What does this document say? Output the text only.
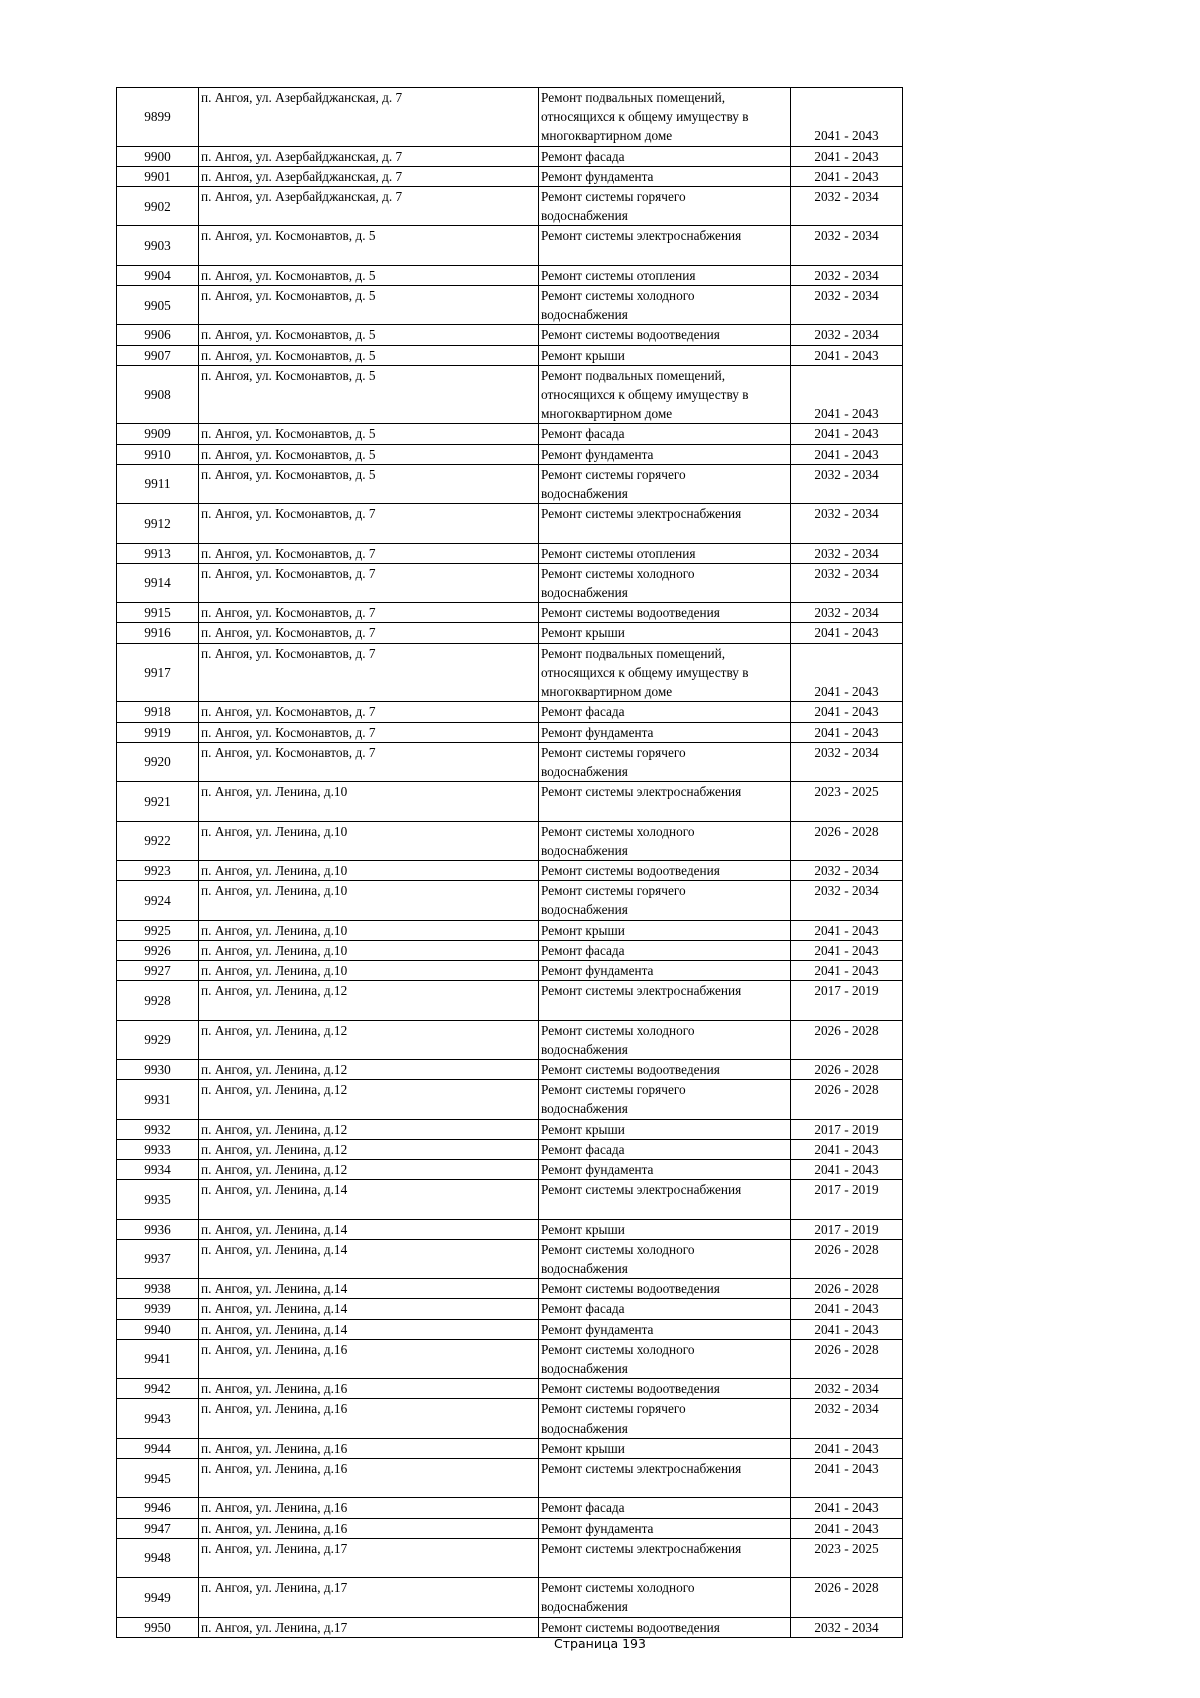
9899	п. Ангоя, ул. Азербайджанская, д. 7	Ремонт подвальных помещений,
относящихся к общему имуществу в
многоквартирном доме	2041 - 2043
9900	п. Ангоя, ул. Азербайджанская, д. 7	Ремонт фасада	2041 - 2043
9901	п. Ангоя, ул. Азербайджанская, д. 7	Ремонт фундамента	2041 - 2043
9902	п. Ангоя, ул. Азербайджанская, д. 7	Ремонт системы горячего
водоснабжения	2032 - 2034
9903	п. Ангоя, ул. Космонавтов, д. 5	Ремонт системы электроснабжения	2032 - 2034
9904	п. Ангоя, ул. Космонавтов, д. 5	Ремонт системы отопления	2032 - 2034
9905	п. Ангоя, ул. Космонавтов, д. 5	Ремонт системы холодного
водоснабжения	2032 - 2034
9906	п. Ангоя, ул. Космонавтов, д. 5	Ремонт системы водоотведения	2032 - 2034
9907	п. Ангоя, ул. Космонавтов, д. 5	Ремонт крыши	2041 - 2043
9908	п. Ангоя, ул. Космонавтов, д. 5	Ремонт подвальных помещений,
относящихся к общему имуществу в
многоквартирном доме	2041 - 2043
9909	п. Ангоя, ул. Космонавтов, д. 5	Ремонт фасада	2041 - 2043
9910	п. Ангоя, ул. Космонавтов, д. 5	Ремонт фундамента	2041 - 2043
9911	п. Ангоя, ул. Космонавтов, д. 5	Ремонт системы горячего
водоснабжения	2032 - 2034
9912	п. Ангоя, ул. Космонавтов, д. 7	Ремонт системы электроснабжения	2032 - 2034
9913	п. Ангоя, ул. Космонавтов, д. 7	Ремонт системы отопления	2032 - 2034
9914	п. Ангоя, ул. Космонавтов, д. 7	Ремонт системы холодного
водоснабжения	2032 - 2034
9915	п. Ангоя, ул. Космонавтов, д. 7	Ремонт системы водоотведения	2032 - 2034
9916	п. Ангоя, ул. Космонавтов, д. 7	Ремонт крыши	2041 - 2043
9917	п. Ангоя, ул. Космонавтов, д. 7	Ремонт подвальных помещений,
относящихся к общему имуществу в
многоквартирном доме	2041 - 2043
9918	п. Ангоя, ул. Космонавтов, д. 7	Ремонт фасада	2041 - 2043
9919	п. Ангоя, ул. Космонавтов, д. 7	Ремонт фундамента	2041 - 2043
9920	п. Ангоя, ул. Космонавтов, д. 7	Ремонт системы горячего
водоснабжения	2032 - 2034
9921	п. Ангоя, ул. Ленина, д.10	Ремонт системы электроснабжения	2023 - 2025
9922	п. Ангоя, ул. Ленина, д.10	Ремонт системы холодного
водоснабжения	2026 - 2028
9923	п. Ангоя, ул. Ленина, д.10	Ремонт системы водоотведения	2032 - 2034
9924	п. Ангоя, ул. Ленина, д.10	Ремонт системы горячего
водоснабжения	2032 - 2034
9925	п. Ангоя, ул. Ленина, д.10	Ремонт крыши	2041 - 2043
9926	п. Ангоя, ул. Ленина, д.10	Ремонт фасада	2041 - 2043
9927	п. Ангоя, ул. Ленина, д.10	Ремонт фундамента	2041 - 2043
9928	п. Ангоя, ул. Ленина, д.12	Ремонт системы электроснабжения	2017 - 2019
9929	п. Ангоя, ул. Ленина, д.12	Ремонт системы холодного
водоснабжения	2026 - 2028
9930	п. Ангоя, ул. Ленина, д.12	Ремонт системы водоотведения	2026 - 2028
9931	п. Ангоя, ул. Ленина, д.12	Ремонт системы горячего
водоснабжения	2026 - 2028
9932	п. Ангоя, ул. Ленина, д.12	Ремонт крыши	2017 - 2019
9933	п. Ангоя, ул. Ленина, д.12	Ремонт фасада	2041 - 2043
9934	п. Ангоя, ул. Ленина, д.12	Ремонт фундамента	2041 - 2043
9935	п. Ангоя, ул. Ленина, д.14	Ремонт системы электроснабжения	2017 - 2019
9936	п. Ангоя, ул. Ленина, д.14	Ремонт крыши	2017 - 2019
9937	п. Ангоя, ул. Ленина, д.14	Ремонт системы холодного
водоснабжения	2026 - 2028
9938	п. Ангоя, ул. Ленина, д.14	Ремонт системы водоотведения	2026 - 2028
9939	п. Ангоя, ул. Ленина, д.14	Ремонт фасада	2041 - 2043
9940	п. Ангоя, ул. Ленина, д.14	Ремонт фундамента	2041 - 2043
9941	п. Ангоя, ул. Ленина, д.16	Ремонт системы холодного
водоснабжения	2026 - 2028
9942	п. Ангоя, ул. Ленина, д.16	Ремонт системы водоотведения	2032 - 2034
9943	п. Ангоя, ул. Ленина, д.16	Ремонт системы горячего
водоснабжения	2032 - 2034
9944	п. Ангоя, ул. Ленина, д.16	Ремонт крыши	2041 - 2043
9945	п. Ангоя, ул. Ленина, д.16	Ремонт системы электроснабжения	2041 - 2043
9946	п. Ангоя, ул. Ленина, д.16	Ремонт фасада	2041 - 2043
9947	п. Ангоя, ул. Ленина, д.16	Ремонт фундамента	2041 - 2043
9948	п. Ангоя, ул. Ленина, д.17	Ремонт системы электроснабжения	2023 - 2025
9949	п. Ангоя, ул. Ленина, д.17	Ремонт системы холодного
водоснабжения	2026 - 2028
9950	п. Ангоя, ул. Ленина, д.17	Ремонт системы водоотведения	2032 - 2034
Страница 193
